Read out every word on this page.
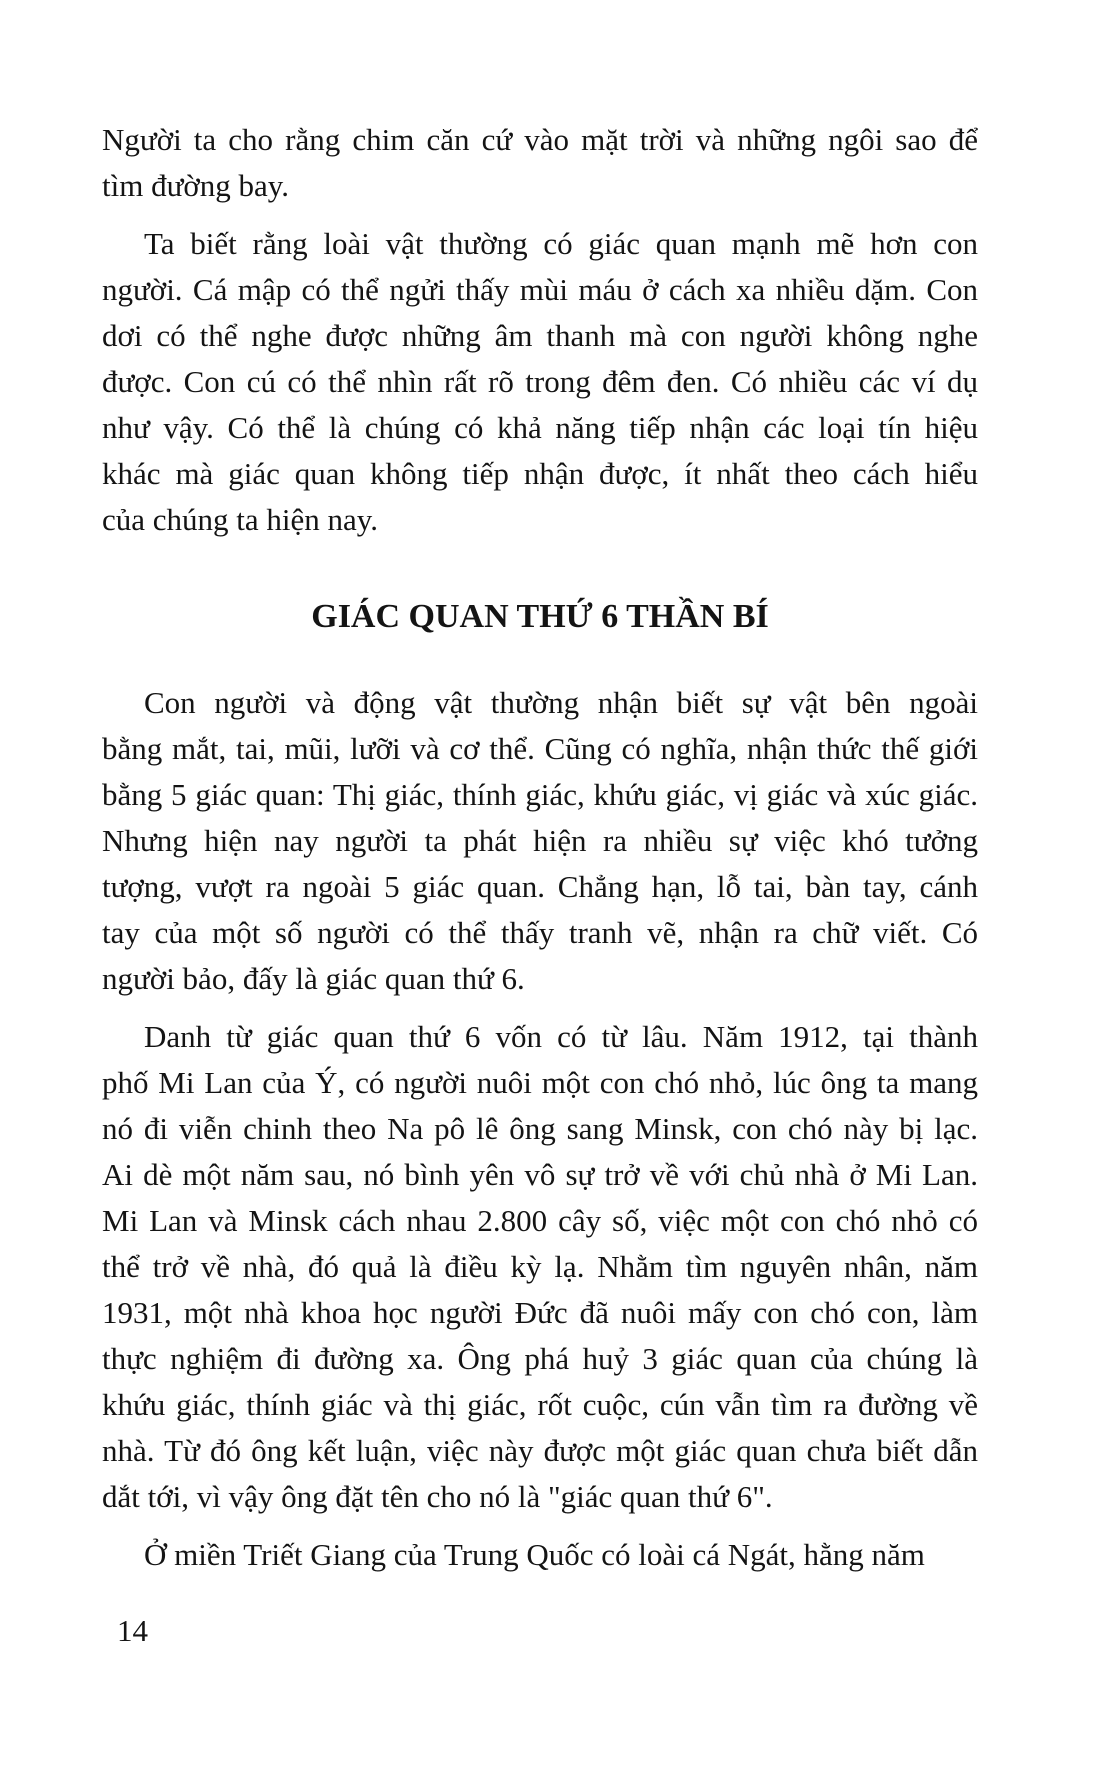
Người ta cho rằng chim căn cứ vào mặt trời và những ngôi sao để
tìm đường bay.
Ta biết rằng loài vật thường có giác quan mạnh mẽ hơn con
người. Cá mập có thể ngửi thấy mùi máu ở cách xa nhiều dặm. Con
dơi có thể nghe được những âm thanh mà con người không nghe
được. Con cú có thể nhìn rất rõ trong đêm đen. Có nhiều các ví dụ
như vậy. Có thể là chúng có khả năng tiếp nhận các loại tín hiệu
khác mà giác quan không tiếp nhận được, ít nhất theo cách hiểu
của chúng ta hiện nay.
GIÁC QUAN THỨ 6 THẦN BÍ
Con người và động vật thường nhận biết sự vật bên ngoài
bằng mắt, tai, mũi, lưỡi và cơ thể. Cũng có nghĩa, nhận thức thế giới
bằng 5 giác quan: Thị giác, thính giác, khứu giác, vị giác và xúc giác.
Nhưng hiện nay người ta phát hiện ra nhiều sự việc khó tưởng
tượng, vượt ra ngoài 5 giác quan. Chẳng hạn, lỗ tai, bàn tay, cánh
tay của một số người có thể thấy tranh vẽ, nhận ra chữ viết. Có
người bảo, đấy là giác quan thứ 6.
Danh từ giác quan thứ 6 vốn có từ lâu. Năm 1912, tại thành
phố Mi Lan của Ý, có người nuôi một con chó nhỏ, lúc ông ta mang
nó đi viễn chinh theo Na pô lê ông sang Minsk, con chó này bị lạc.
Ai dè một năm sau, nó bình yên vô sự trở về với chủ nhà ở Mi Lan.
Mi Lan và Minsk cách nhau 2.800 cây số, việc một con chó nhỏ có
thể trở về nhà, đó quả là điều kỳ lạ. Nhằm tìm nguyên nhân, năm
1931, một nhà khoa học người Đức đã nuôi mấy con chó con, làm
thực nghiệm đi đường xa. Ông phá huỷ 3 giác quan của chúng là
khứu giác, thính giác và thị giác, rốt cuộc, cún vẫn tìm ra đường về
nhà. Từ đó ông kết luận, việc này được một giác quan chưa biết dẫn
dắt tới, vì vậy ông đặt tên cho nó là "giác quan thứ 6".
Ở miền Triết Giang của Trung Quốc có loài cá Ngát, hằng năm
14
